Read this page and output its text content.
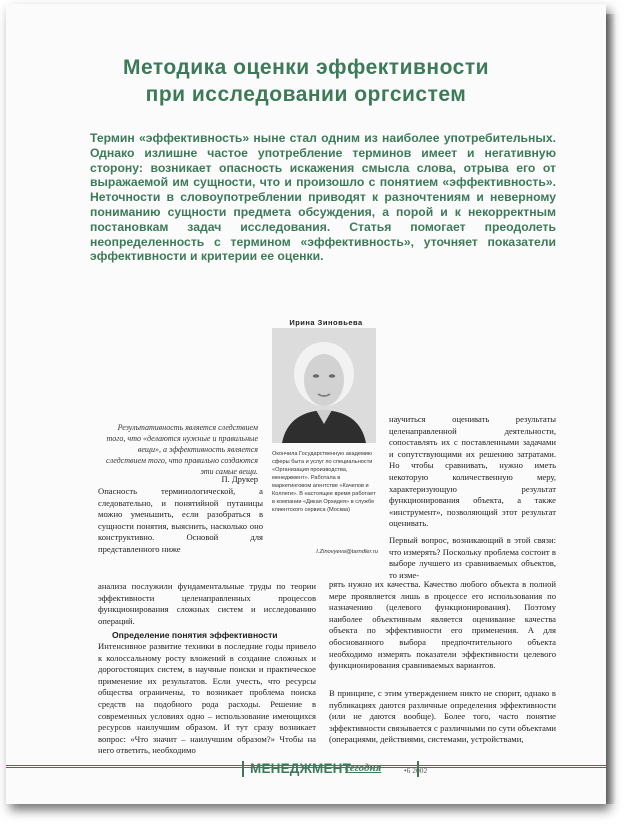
Методика оценки эффективности
при исследовании оргсистем
Термин «эффективность» ныне стал одним из наиболее употребительных. Однако излишне частое употребление терминов имеет и негативную сторону: возникает опасность искажения смысла слова, отрыва его от выражаемой им сущности, что и произошло с понятием «эффективность». Неточности в словоупотреблении приводят к разночтениям и неверному пониманию сущности предмета обсуждения, а порой и к некорректным постановкам задач исследования. Статья помогает преодолеть неопределенность с термином «эффективность», уточняет показатели эффективности и критерии ее оценки.
Ирина Зиновьева
Окончила Государственную академию сферы быта и услуг по специальности «Организация производства, менеджмент». Работала в маркетинговом агентстве «Качелов и Коллеги». В настоящее время работает в компании «Дикая Орхидея» в службе клиентского сервиса (Москва)
I.Zinovyeva@tarndler.ru
Результативность является следствием того, что «делаются нужные и правильные вещи», а эффективность является следствием того, что правильно создаются эти самые вещи.
П. Друкер
Опасность терминологической, а следовательно, и понятийной путаницы можно уменьшить, если разобраться в сущности понятия, выяснить, насколько оно конструктивно. Основой для представленного ниже
анализа послужили фундаментальные труды по теории эффективности целенаправленных процессов функционирования сложных систем и исследованию операций.
Определение понятия эффективности
Интенсивное развитие техники в последние годы привело к колоссальному росту вложений в создание сложных и дорогостоящих систем, в научные поиски и практическое применение их результатов. Если учесть, что ресурсы общества ограничены, то возникает проблема поиска средств на подобного рода расходы. Решение в современных условиях одно – использование имеющихся ресурсов наилучшим образом. И тут сразу возникает вопрос: «Что значит – наилучшим образом?» Чтобы на него ответить, необходимо
научиться оценивать результаты целенаправленной деятельности, сопоставлять их с поставленными задачами и сопутствующими их решению затратами. Но чтобы сравнивать, нужно иметь некоторую количественную меру, характеризующую результат функционирования объекта, а также «инструмент», позволяющий этот результат оценивать.
Первый вопрос, возникающий в этой связи: что измерять? Поскольку проблема состоит в выборе лучшего из сравниваемых объектов, то изме-
рять нужно их качества. Качество любого объекта в полной мере проявляется лишь в процессе его использования по назначению (целевого функционирования). Поэтому наиболее объективным является оценивание качества объекта по эффективности его применения. А для обоснованного выбора предпочтительного объекта необходимо измерять показатели эффективности целевого функционирования сравниваемых вариантов.
В принципе, с этим утверждением никто не спорит, однако в публикациях даются различные определения эффективности (или не даются вообще). Более того, часто понятие эффективности связывается с различными по сути объектами (операциями, действиями, системами, устройствами,
МЕНЕДЖМЕНТ
сегодня	•6 2002
